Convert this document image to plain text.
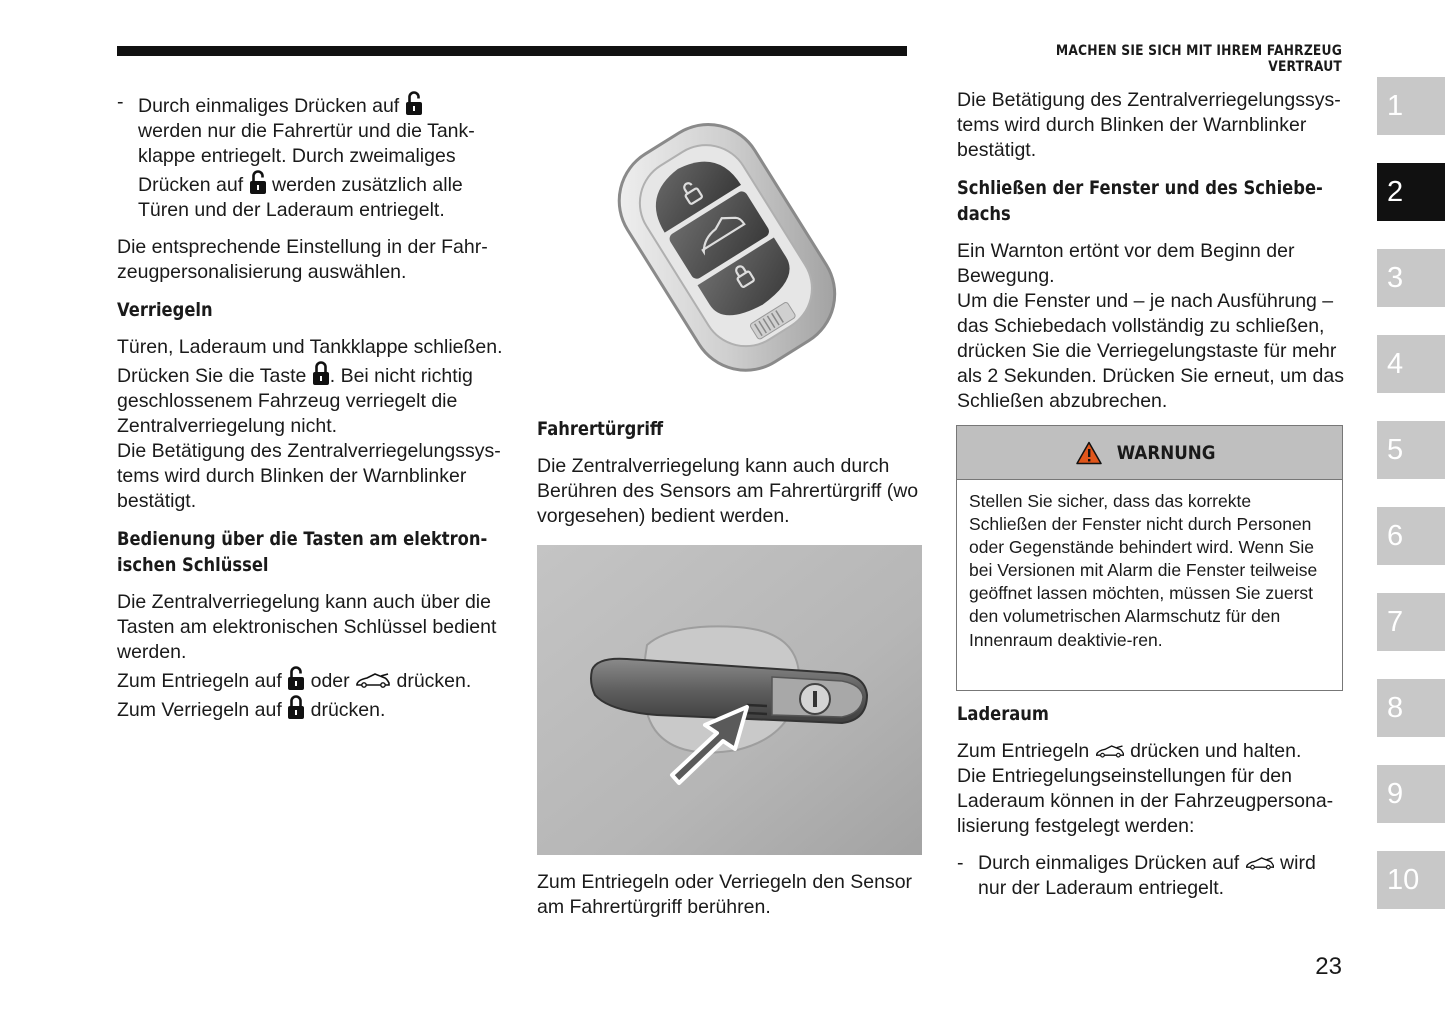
MACHEN SIE SICH MIT IHREM FAHRZEUG VERTRAUT
- Durch einmaliges Drücken auf

werden nur die Fahrertür und die Tank-
klappe entriegelt. Durch zweimaliges
Drücken auf werden zusätzlich alle
Türen und der Laderaum entriegelt.

Die entsprechende Einstellung in der Fahr-zeugpersonalisierung auswählen.

Verriegeln

Türen, Laderaum und Tankklappe schließen.

Drücken Sie die Taste . Bei nicht richtig geschlossenem Fahrzeug verriegelt die Zentralverriegelung nicht.

Die Betätigung des Zentralverriegelungssys-tems wird durch Blinken der Warnblinker bestätigt.

Bedienung über die Tasten am elektron-
ischen Schlüssel

Die Zentralverriegelung kann auch über die Tasten am elektronischen Schlüssel bedient werden.

Zum Entriegeln auf oder drücken.

Zum Verriegeln auf drücken.

Fahrertürgriff

Die Zentralverriegelung kann auch durch Berühren des Sensors am Fahrertürgriff (wo vorgesehen) bedient werden.

Zum Entriegeln oder Verriegeln den Sensor am Fahrertürgriff berühren.

Die Betätigung des Zentralverriegelungssys-tems wird durch Blinken der Warnblinker bestätigt.

Schließen der Fenster und des Schiebe-
dachs

Ein Warnton ertönt vor dem Beginn der Bewegung.

Um die Fenster und – je nach Ausführung – das Schiebedach vollständig zu schließen, drücken Sie die Verriegelungstaste für mehr als 2 Sekunden. Drücken Sie erneut, um das Schließen abzubrechen.

WARNUNG
Stellen Sie sicher, dass das korrekte Schließen der Fenster nicht durch Personen oder Gegenstände behindert wird. Wenn Sie bei Versionen mit Alarm die Fenster teilweise geöffnet lassen möchten, müssen Sie zuerst den volumetrischen Alarmschutz für den Innenraum deaktivie-ren.
Laderaum

Zum Entriegeln drücken und halten.

Die Entriegelungseinstellungen für den Laderaum können in der Fahrzeugpersona-lisierung festgelegt werden:

- Durch einmaliges Drücken auf wird nur der Laderaum entriegelt.

1
2
3
4
5
6
7
8
9
10
23
